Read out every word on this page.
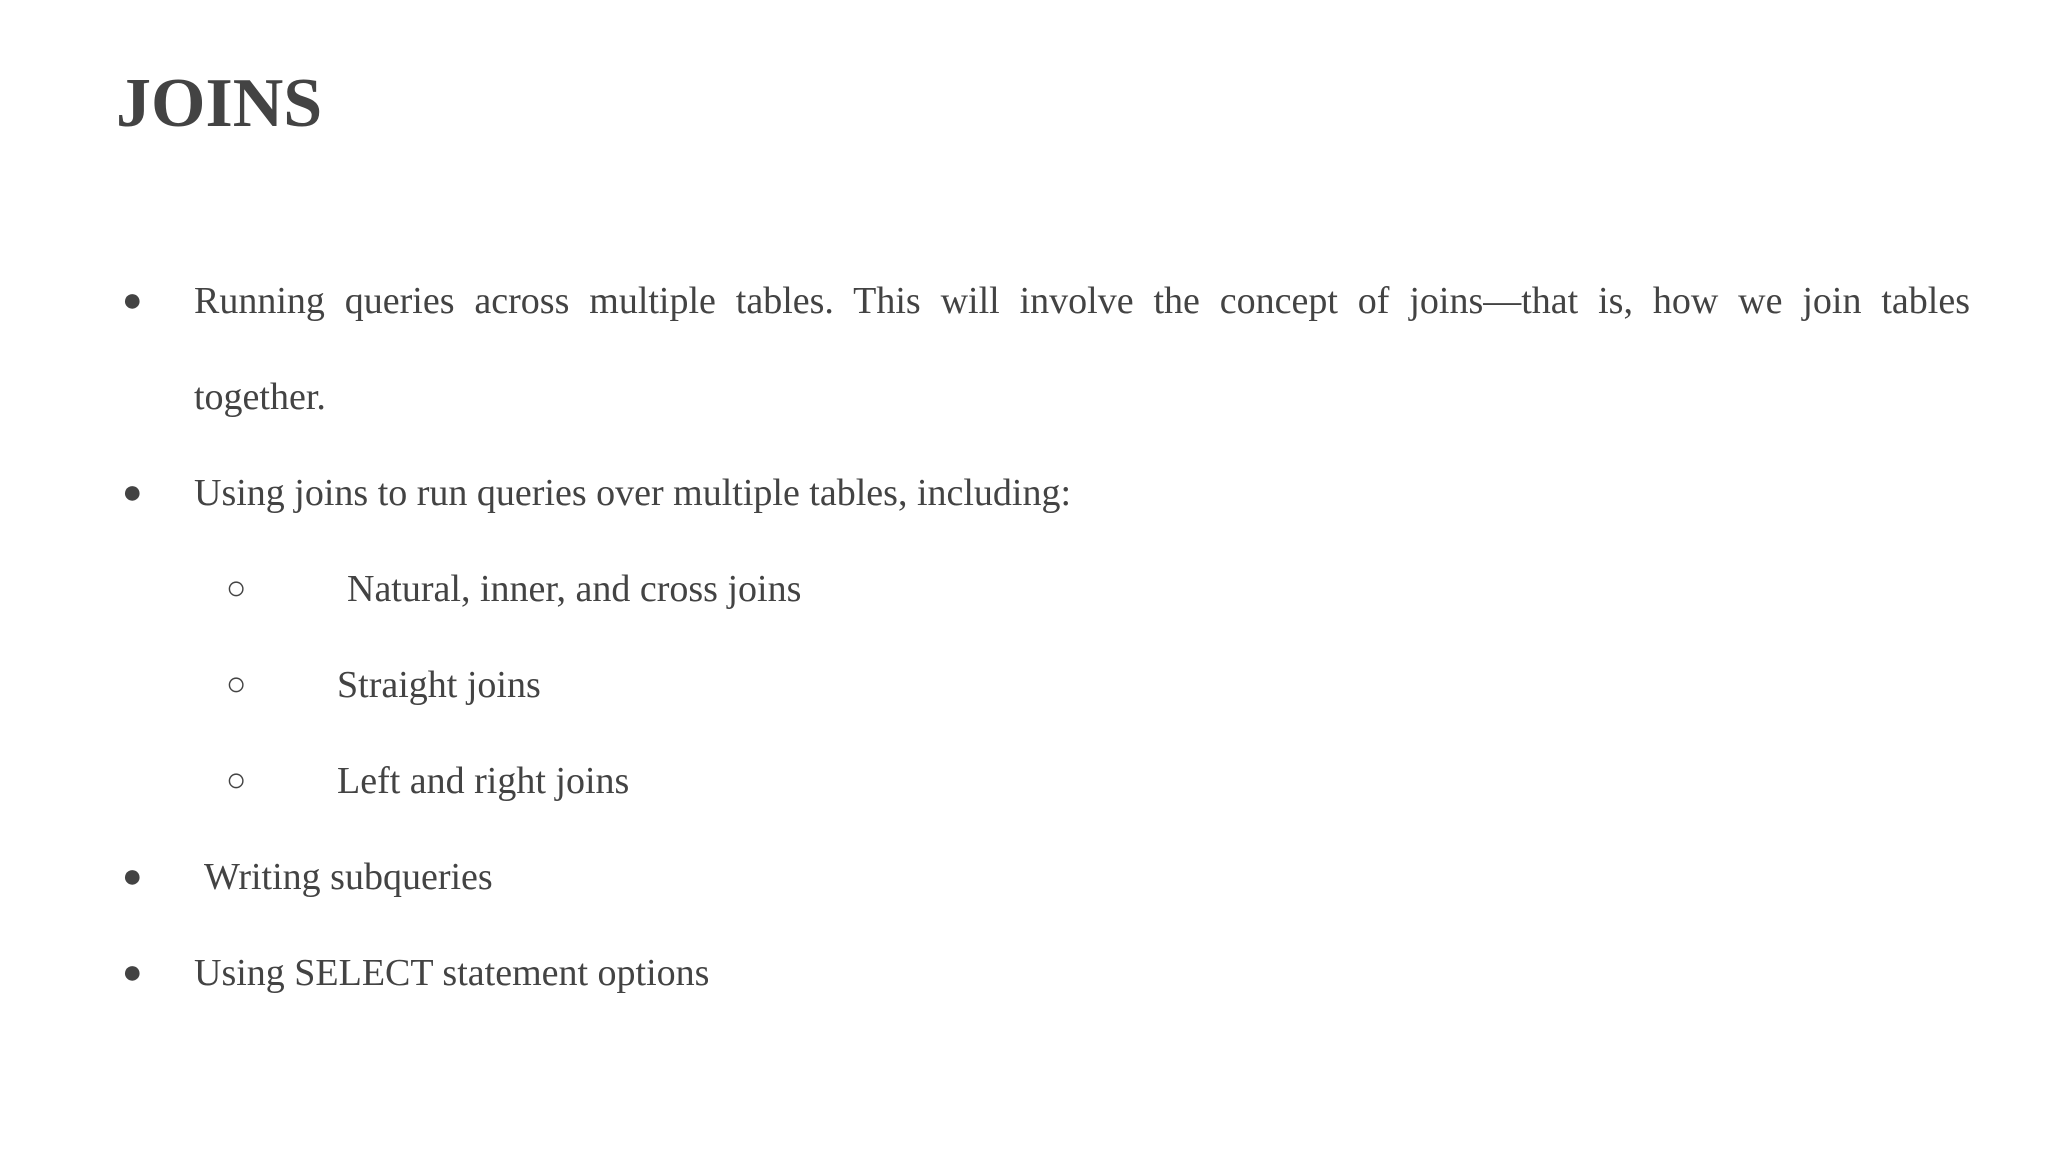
JOINS
● Running queries across multiple tables. This will involve the concept of joins—that is, how we join tables
together.
● Using joins to run queries over multiple tables, including:
○	Natural, inner, and cross joins
○ Straight joins
○ Left and right joins
● Writing subqueries
● Using SELECT statement options
